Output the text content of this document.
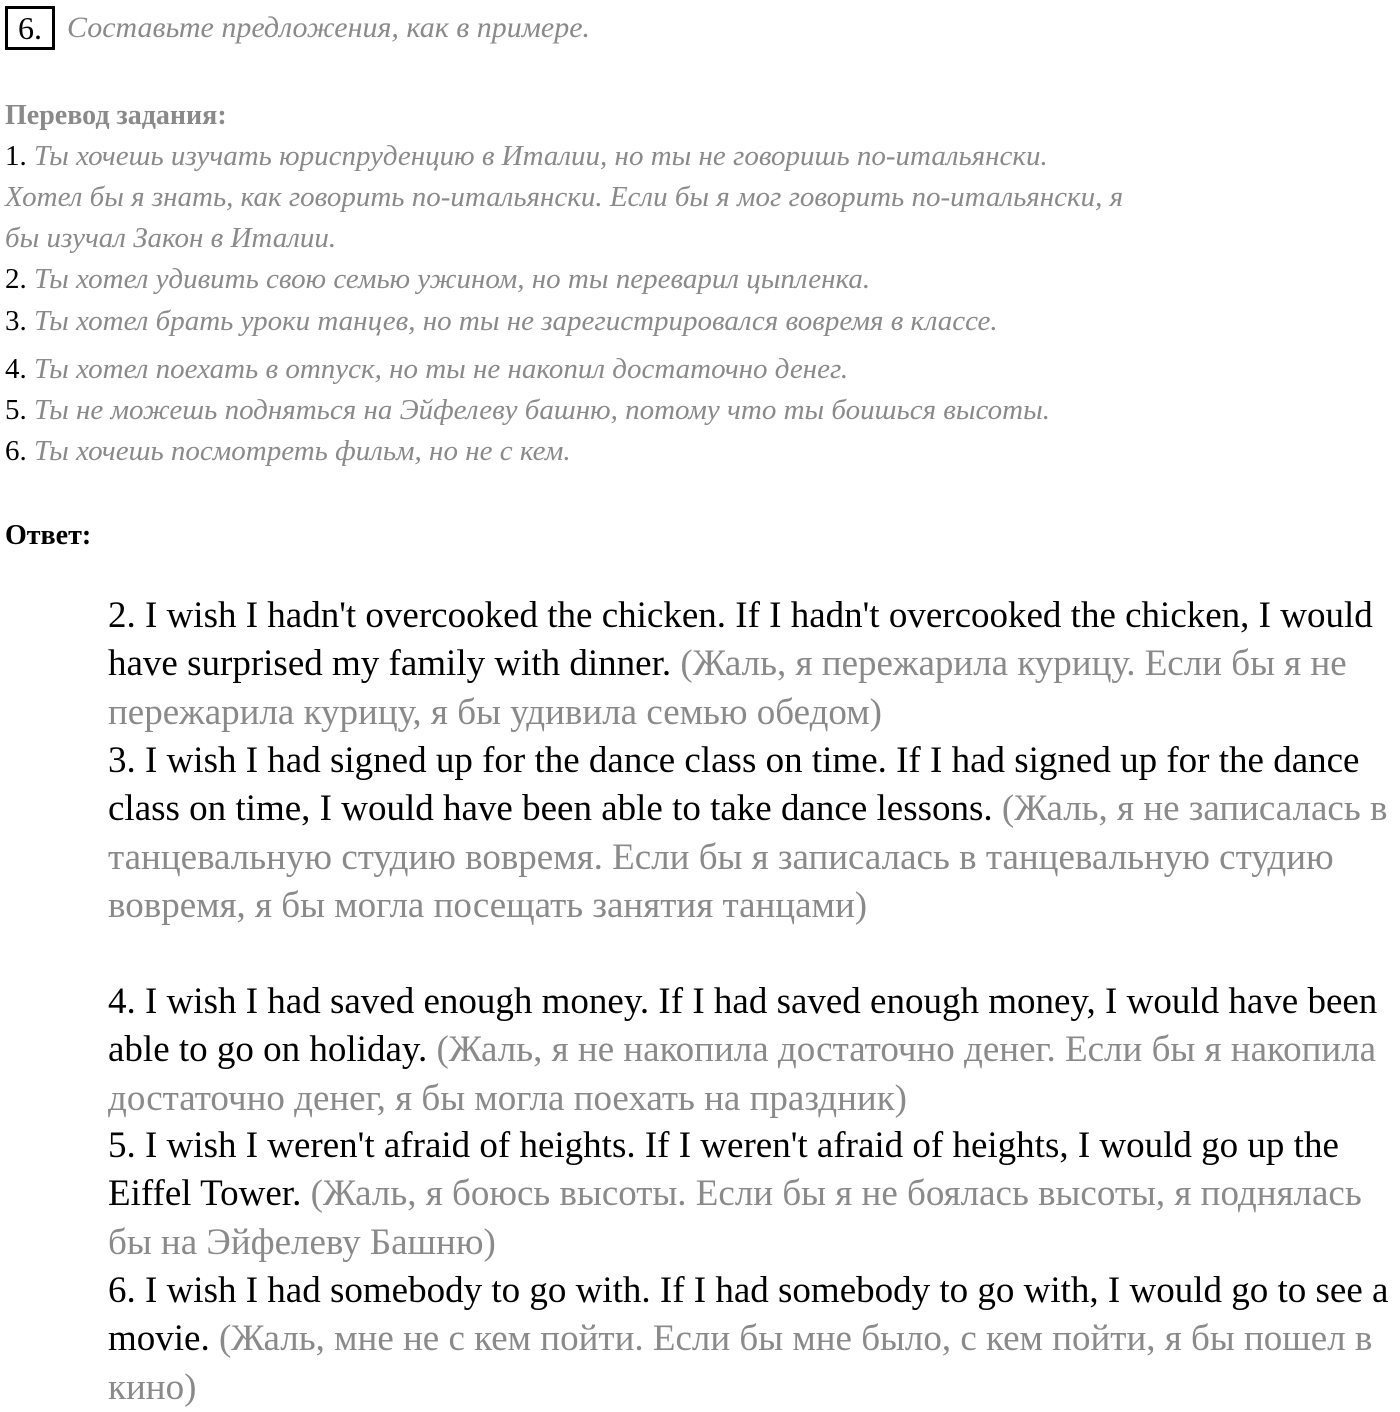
6. Составьте предложения, как в примере.
Перевод задания:
1. Ты хочешь изучать юриспруденцию в Италии, но ты не говоришь по-итальянски.
Хотел бы я знать, как говорить по-итальянски. Если бы я мог говорить по-итальянски, я
бы изучал Закон в Италии.
2. Ты хотел удивить свою семью ужином, но ты переварил цыпленка.
3. Ты хотел брать уроки танцев, но ты не зарегистрировался вовремя в классе.
4. Ты хотел поехать в отпуск, но ты не накопил достаточно денег.
5. Ты не можешь подняться на Эйфелеву башню, потому что ты боишься высоты.
6. Ты хочешь посмотреть фильм, но не с кем.
Ответ:
2. I wish I hadn't overcooked the chicken. If I hadn't overcooked the chicken, I would have surprised my family with dinner. (Жаль, я пережарила курицу. Если бы я не пережарила курицу, я бы удивила семью обедом)
3. I wish I had signed up for the dance class on time. If I had signed up for the dance class on time, I would have been able to take dance lessons. (Жаль, я не записалась в танцевальную студию вовремя. Если бы я записалась в танцевальную студию вовремя, я бы могла посещать занятия танцами)
4. I wish I had saved enough money. If I had saved enough money, I would have been able to go on holiday. (Жаль, я не накопила достаточно денег. Если бы я накопила достаточно денег, я бы могла поехать на праздник)
5. I wish I weren't afraid of heights. If I weren't afraid of heights, I would go up the Eiffel Tower. (Жаль, я боюсь высоты. Если бы я не боялась высоты, я поднялась бы на Эйфелеву Башню)
6. I wish I had somebody to go with. If I had somebody to go with, I would go to see a movie. (Жаль, мне не с кем пойти. Если бы мне было, с кем пойти, я бы пошел в кино)
